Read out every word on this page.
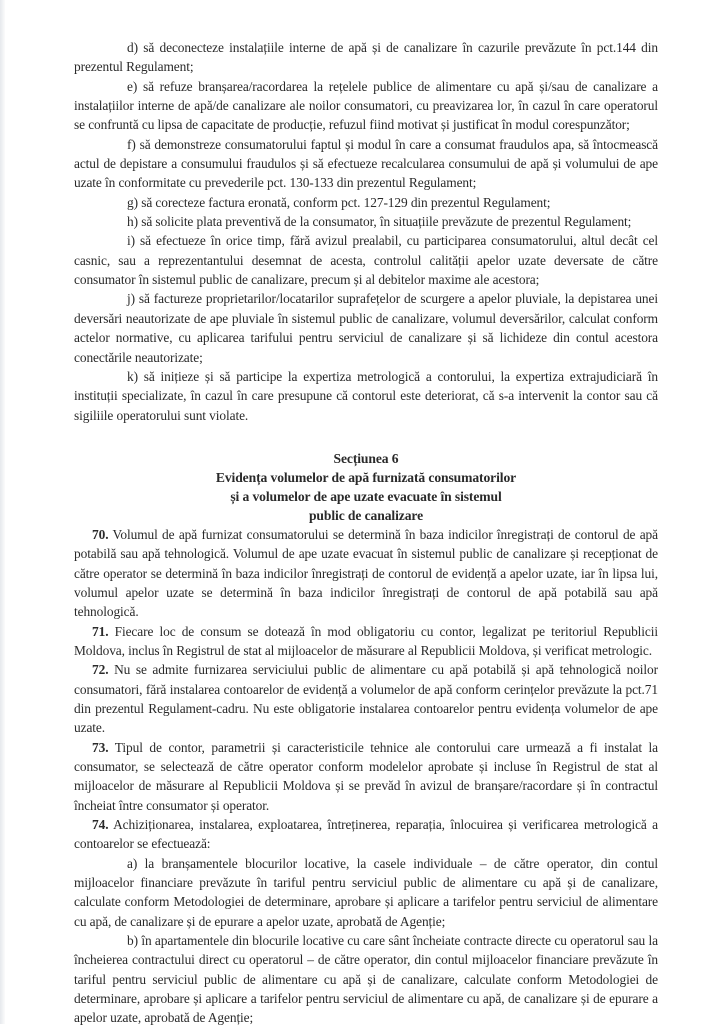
d) să deconecteze instalațiile interne de apă și de canalizare în cazurile prevăzute în pct.144 din prezentul Regulament;

e) să refuze branșarea/racordarea la rețelele publice de alimentare cu apă și/sau de canalizare a instalațiilor interne de apă/de canalizare ale noilor consumatori, cu preavizarea lor, în cazul în care operatorul se confruntă cu lipsa de capacitate de producție, refuzul fiind motivat și justificat în modul corespunzător;

f) să demonstreze consumatorului faptul și modul în care a consumat fraudulos apa, să întocmească actul de depistare a consumului fraudulos și să efectueze recalcularea consumului de apă și volumului de ape uzate în conformitate cu prevederile pct. 130-133 din prezentul Regulament;

g) să corecteze factura eronată, conform pct. 127-129 din prezentul Regulament;

h) să solicite plata preventivă de la consumator, în situațiile prevăzute de prezentul Regulament;

i) să efectueze în orice timp, fără avizul prealabil, cu participarea consumatorului, altul decât cel casnic, sau a reprezentantului desemnat de acesta, controlul calității apelor uzate deversate de către consumator în sistemul public de canalizare, precum și al debitelor maxime ale acestora;

j) să factureze proprietarilor/locatarilor suprafețelor de scurgere a apelor pluviale, la depistarea unei deversări neautorizate de ape pluviale în sistemul public de canalizare, volumul deversărilor, calculat conform actelor normative, cu aplicarea tarifului pentru serviciul de canalizare și să lichideze din contul acestora conectările neautorizate;

k) să inițieze și să participe la expertiza metrologică a contorului, la expertiza extrajudiciară în instituții specializate, în cazul în care presupune că contorul este deteriorat, că s-a intervenit la contor sau că sigiliile operatorului sunt violate.

Secțiunea 6

Evidența volumelor de apă furnizată consumatorilor

și a volumelor de ape uzate evacuate în sistemul

public de canalizare

70. Volumul de apă furnizat consumatorului se determină în baza indicilor înregistrați de contorul de apă potabilă sau apă tehnologică. Volumul de ape uzate evacuat în sistemul public de canalizare și recepționat de către operator se determină în baza indicilor înregistrați de contorul de evidență a apelor uzate, iar în lipsa lui, volumul apelor uzate se determină în baza indicilor înregistrați de contorul de apă potabilă sau apă tehnologică.

71. Fiecare loc de consum se dotează în mod obligatoriu cu contor, legalizat pe teritoriul Republicii Moldova, inclus în Registrul de stat al mijloacelor de măsurare al Republicii Moldova, și verificat metrologic.

72. Nu se admite furnizarea serviciului public de alimentare cu apă potabilă și apă tehnologică noilor consumatori, fără instalarea contoarelor de evidență a volumelor de apă conform cerințelor prevăzute la pct.71 din prezentul Regulament-cadru. Nu este obligatorie instalarea contoarelor pentru evidența volumelor de ape uzate.

73. Tipul de contor, parametrii și caracteristicile tehnice ale contorului care urmează a fi instalat la consumator, se selectează de către operator conform modelelor aprobate și incluse în Registrul de stat al mijloacelor de măsurare al Republicii Moldova și se prevăd în avizul de branșare/racordare și în contractul încheiat între consumator și operator.

74. Achiziționarea, instalarea, exploatarea, întreținerea, reparația, înlocuirea și verificarea metrologică a contoarelor se efectuează:

a) la branșamentele blocurilor locative, la casele individuale – de către operator, din contul mijloacelor financiare prevăzute în tariful pentru serviciul public de alimentare cu apă și de canalizare, calculate conform Metodologiei de determinare, aprobare și aplicare a tarifelor pentru serviciul de alimentare cu apă, de canalizare și de epurare a apelor uzate, aprobată de Agenție;

b) în apartamentele din blocurile locative cu care sânt încheiate contracte directe cu operatorul sau la încheierea contractului direct cu operatorul – de către operator, din contul mijloacelor financiare prevăzute în tariful pentru serviciul public de alimentare cu apă și de canalizare, calculate conform Metodologiei de determinare, aprobare și aplicare a tarifelor pentru serviciul de alimentare cu apă, de canalizare și de epurare a apelor uzate, aprobată de Agenție;
